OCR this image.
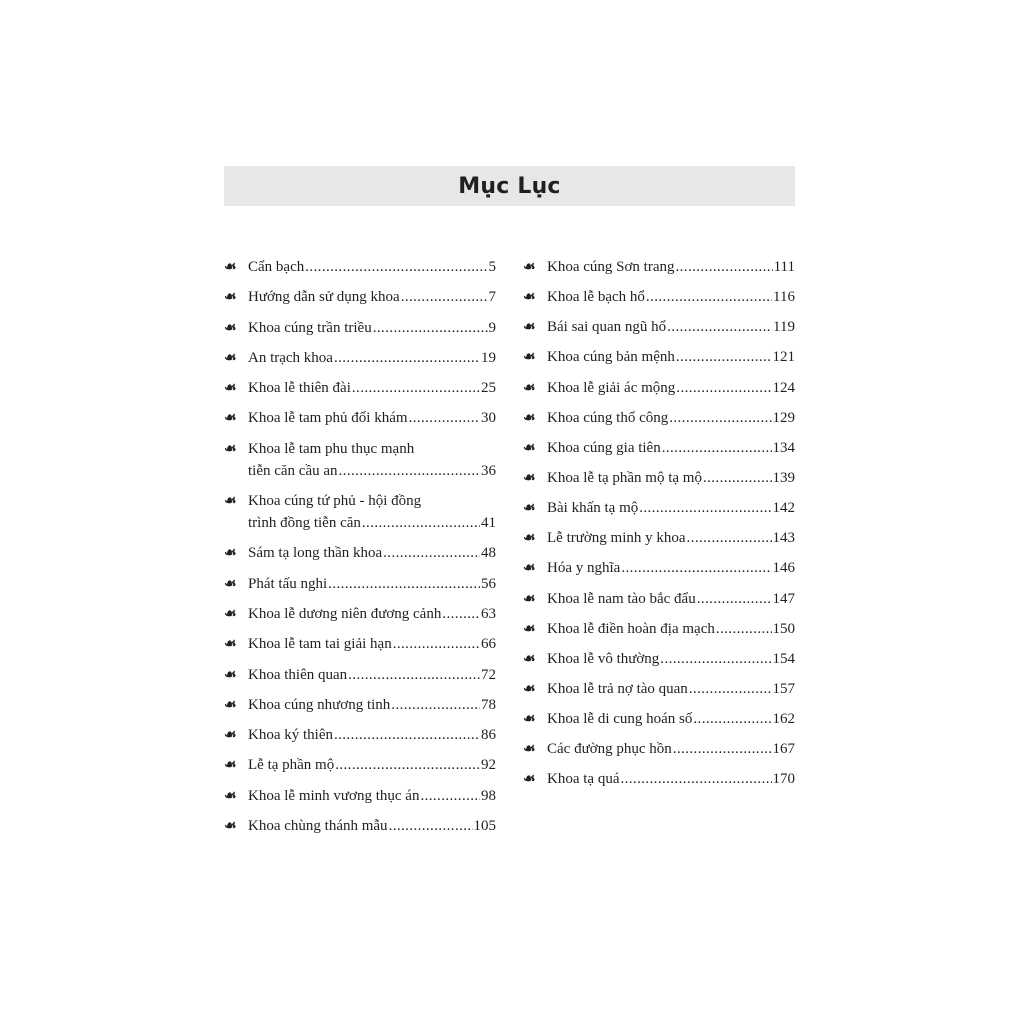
Mục Lục
☙ Cẩn bạch .....	5
☙ Hướng dẫn sử dụng khoa .....	7
☙ Khoa cúng trần triều .....	9
☙ An trạch khoa .....	19
☙ Khoa lễ thiên đài .....	25
☙ Khoa lễ tam phủ đối khám .....	30
☙ Khoa lễ tam phu thục mạnh
tiễn căn cầu an .....	36
☙ Khoa cúng tứ phủ - hội đồng
trình đồng tiễn căn .....	41
☙ Sám tạ long thần khoa .....	48
☙ Phát tấu nghi .....	56
☙ Khoa lễ dương niên đương cảnh .....	63
☙ Khoa lễ tam tai giải hạn .....	66
☙ Khoa thiên quan .....	72
☙ Khoa cúng nhương tinh .....	78
☙ Khoa ký thiên .....	86
☙ Lễ tạ phần mộ .....	92
☙ Khoa lễ minh vương thục án .....	98
☙ Khoa chùng thánh mẫu .....	105
☙ Khoa cúng Sơn trang .....	111
☙ Khoa lễ bạch hổ .....	116
☙ Bái sai quan ngũ hổ .....	119
☙ Khoa cúng bản mệnh .....	121
☙ Khoa lễ giải ác mộng .....	124
☙ Khoa cúng thổ công .....	129
☙ Khoa cúng gia tiên .....	134
☙ Khoa lễ tạ phần mộ tạ mộ .....	139
☙ Bài khấn tạ mộ .....	142
☙ Lễ trường minh y khoa .....	143
☙ Hóa y nghĩa .....	146
☙ Khoa lễ nam tào bắc đẩu .....	147
☙ Khoa lễ điền hoàn địa mạch .....	150
☙ Khoa lễ vô thường .....	154
☙ Khoa lễ trả nợ tào quan .....	157
☙ Khoa lễ di cung hoán số .....	162
☙ Các đường phục hồn .....	167
☙ Khoa tạ quá .....	170
